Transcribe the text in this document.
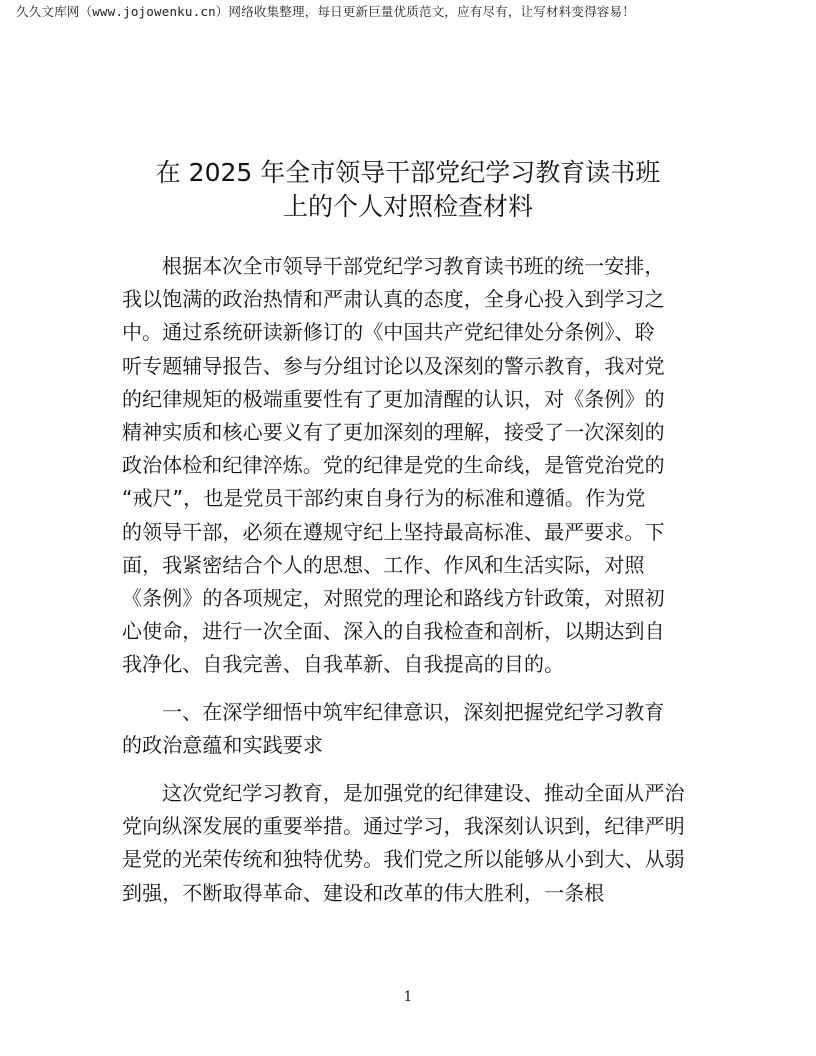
久久文库网（www.jojowenku.cn）网络收集整理，每日更新巨量优质范文，应有尽有，让写材料变得容易！
在 2025 年全市领导干部党纪学习教育读书班
上的个人对照检查材料
根据本次全市领导干部党纪学习教育读书班的统一安排，
我以饱满的政治热情和严肃认真的态度，全身心投入到学习之
中。通过系统研读新修订的《中国共产党纪律处分条例》、聆
听专题辅导报告、参与分组讨论以及深刻的警示教育，我对党
的纪律规矩的极端重要性有了更加清醒的认识，对《条例》的
精神实质和核心要义有了更加深刻的理解，接受了一次深刻的
政治体检和纪律淬炼。党的纪律是党的生命线，是管党治党的
“戒尺”，也是党员干部约束自身行为的标准和遵循。作为党
的领导干部，必须在遵规守纪上坚持最高标准、最严要求。下
面，我紧密结合个人的思想、工作、作风和生活实际，对照
《条例》的各项规定，对照党的理论和路线方针政策，对照初
心使命，进行一次全面、深入的自我检查和剖析，以期达到自
我净化、自我完善、自我革新、自我提高的目的。
一、在深学细悟中筑牢纪律意识，深刻把握党纪学习教育
的政治意蕴和实践要求
这次党纪学习教育，是加强党的纪律建设、推动全面从严治
党向纵深发展的重要举措。通过学习，我深刻认识到，纪律严明
是党的光荣传统和独特优势。我们党之所以能够从小到大、从弱
到强，不断取得革命、建设和改革的伟大胜利，一条根
1
